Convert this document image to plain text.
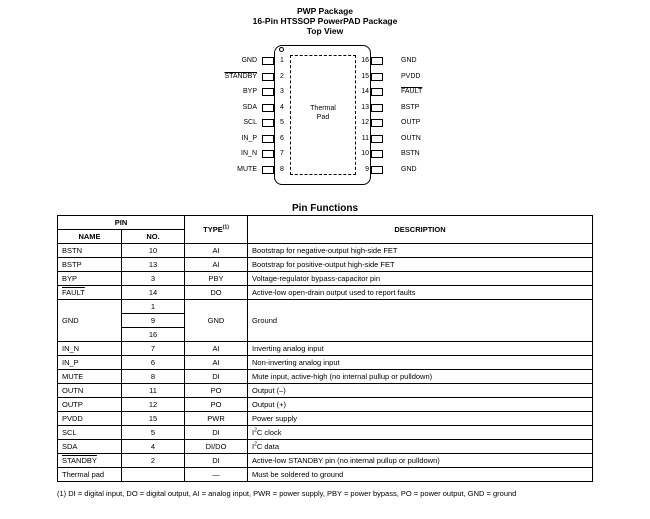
PWP Package
16-Pin HTSSOP PowerPAD Package
Top View
Thermal
Pad
GND	1
STANDBY	2
BYP	3
SDA	4
SCL	5
IN_P	6
IN_N	7
MUTE	8
GND
16
PVDD
15
FAULT
14
BSTP
13
OUTP
12
OUTN
11
BSTN
10
GND
9
Pin Functions
PIN		TYPE$^{(1)}$	DESCRIPTION
NAME	NO.		
BSTN	10	AI	Bootstrap for negative-output high-side FET
BSTP	13	AI	Bootstrap for positive-output high-side FET
BYP	3	PBY	Voltage-regulator bypass-capacitor pin
FAULT	14	DO	Active-low open-drain output used to report faults
GND	1	GND	Ground
	9		
	16		
IN_N	7	AI	Inverting analog input
IN_P	6	AI	Non-inverting analog input
MUTE	8	DI	Mute input, active-high (no internal pullup or pulldown)
OUTN	11	PO	Output (–)
OUTP	12	PO	Output (+)
PVDD	15	PWR	Power supply
SCL	5	DI	$I^2C$ clock
SDA	4	DI/DO	$I^2C$ data
STANDBY	2	DI	Active-low STANDBY pin (no internal pullup or pulldown)
Thermal pad		—	Must be soldered to ground
(1) DI = digital input, DO = digital output, AI = analog input, PWR = power supply, PBY = power bypass, PO = power output, GND = ground
